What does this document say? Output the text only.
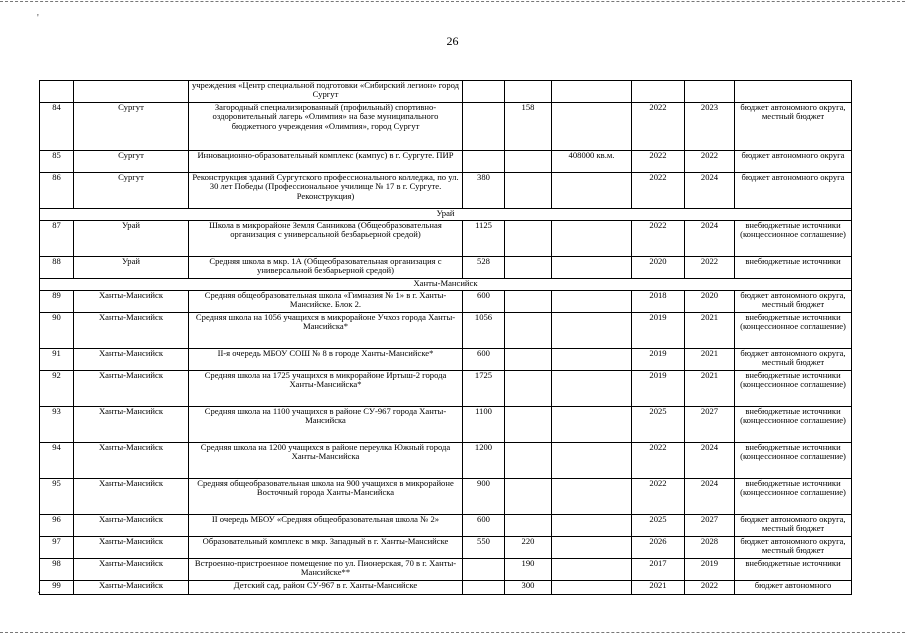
'
26
		учреждения «Центр специальной подготовки «Сибирский легион» город Сургут						
84	Сургут	Загородный специализированный (профильный) спортивно-оздоровительный лагерь «Олимпия» на базе муниципального бюджетного учреждения «Олимпия», город Сургут		158		2022	2023	бюджет автономного округа, местный бюджет
85	Сургут	Инновационно-образовательный комплекс (кампус) в г. Сургуте. ПИР			408000 кв.м.	2022	2022	бюджет автономного округа
86	Сургут	Реконструкция зданий Сургутского профессионального колледжа, по ул. 30 лет Победы (Профессиональное училище № 17 в г. Сургуте. Реконструкция)	380			2022	2024	бюджет автономного округа
Урай								
87	Урай	Школа в микрорайоне Земля Санникова (Общеобразовательная организация с универсальной безбарьерной средой)	1125			2022	2024	внебюджетные источники (концессионное соглашение)
88	Урай	Средняя школа в мкр. 1А (Общеобразовательная организация с универсальной безбарьерной средой)	528			2020	2022	внебюджетные источники
Ханты-Мансийск								
89	Ханты-Мансийск	Средняя общеобразовательная школа «Гимназия № 1» в г. Ханты-Мансийске. Блок 2.	600			2018	2020	бюджет автономного округа, местный бюджет
90	Ханты-Мансийск	Средняя школа на 1056 учащихся в микрорайоне Учхоз города Ханты-Мансийска*	1056			2019	2021	внебюджетные источники (концессионное соглашение)
91	Ханты-Мансийск	II-я очередь МБОУ СОШ № 8 в городе Ханты-Мансийске*	600			2019	2021	бюджет автономного округа, местный бюджет
92	Ханты-Мансийск	Средняя школа на 1725 учащихся в микрорайоне Иртыш-2 города Ханты-Мансийска*	1725			2019	2021	внебюджетные источники (концессионное соглашение)
93	Ханты-Мансийск	Средняя школа на 1100 учащихся в районе СУ-967 города Ханты-Мансийска	1100			2025	2027	внебюджетные источники (концессионное соглашение)
94	Ханты-Мансийск	Средняя школа на 1200 учащихся в районе переулка Южный города Ханты-Мансийска	1200			2022	2024	внебюджетные источники (концессионное соглашение)
95	Ханты-Мансийск	Средняя общеобразовательная школа на 900 учащихся в микрорайоне Восточный города Ханты-Мансийска	900			2022	2024	внебюджетные источники (концессионное соглашение)
96	Ханты-Мансийск	II очередь МБОУ «Средняя общеобразовательная школа № 2»	600			2025	2027	бюджет автономного округа, местный бюджет
97	Ханты-Мансийск	Образовательный комплекс в мкр. Западный в г. Ханты-Мансийске	550	220		2026	2028	бюджет автономного округа, местный бюджет
98	Ханты-Мансийск	Встроенно-пристроенное помещение по ул. Пионерская, 70 в г. Ханты-Мансийске**		190		2017	2019	внебюджетные источники
99	Ханты-Мансийск	Детский сад, район СУ-967 в г. Ханты-Мансийске		300		2021	2022	бюджет автономного
·
